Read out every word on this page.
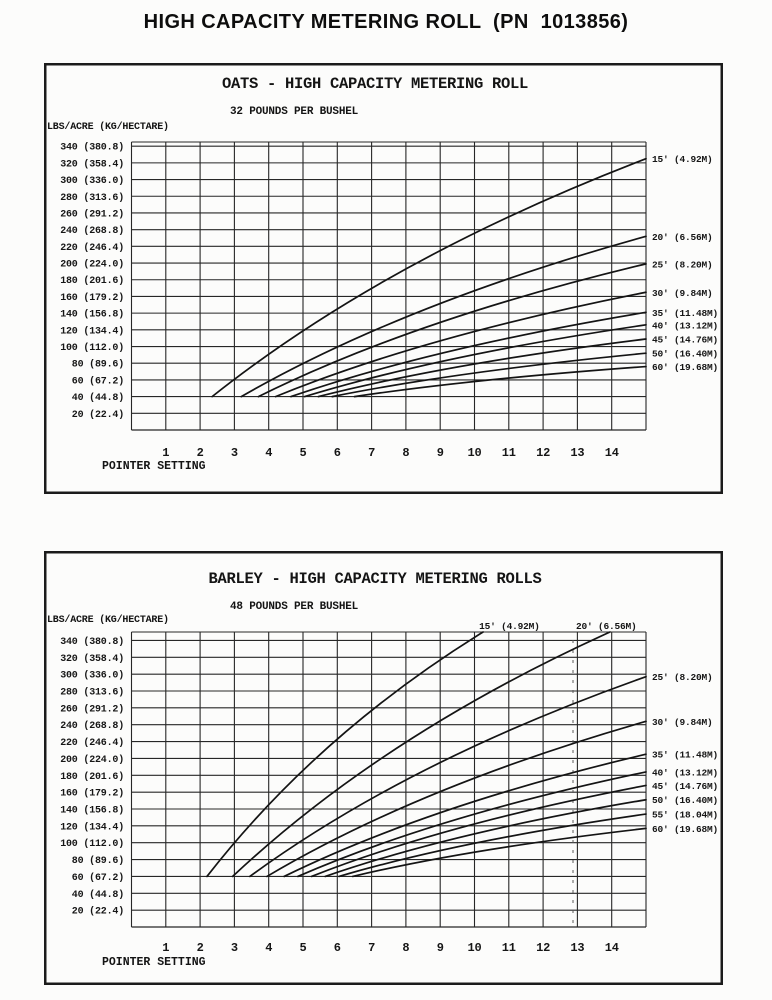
HIGH CAPACITY METERING ROLL  (PN  1013856)
340 (380.8)
320 (358.4)
300 (336.0)
280 (313.6)
260 (291.2)
240 (268.8)
220 (246.4)
200 (224.0)
180 (201.6)
160 (179.2)
140 (156.8)
120 (134.4)
100 (112.0)
80 (89.6)
60 (67.2)
40 (44.8)
20 (22.4)
1 2 3 4 5 6 7 8 9 10 11 12 13 14
15' (4.92M)
20' (6.56M)
25' (8.20M)
30' (9.84M)
35' (11.48M)
40' (13.12M)
45' (14.76M)
50' (16.40M)
60' (19.68M)
OATS - HIGH CAPACITY METERING ROLL
32 POUNDS PER BUSHEL
LBS/ACRE (KG/HECTARE)
POINTER SETTING
340 (380.8)
320 (358.4)
300 (336.0)
280 (313.6)
260 (291.2)
240 (268.8)
220 (246.4)
200 (224.0)
180 (201.6)
160 (179.2)
140 (156.8)
120 (134.4)
100 (112.0)
80 (89.6)
60 (67.2)
40 (44.8)
20 (22.4)
1 2 3 4 5 6 7 8 9 10 11 12 13 14
15' (4.92M)	20' (6.56M)
25' (8.20M)
30' (9.84M)
35' (11.48M)
40' (13.12M)
45' (14.76M)
50' (16.40M)
55' (18.04M)
60' (19.68M)
BARLEY - HIGH CAPACITY METERING ROLLS
48 POUNDS PER BUSHEL
LBS/ACRE (KG/HECTARE)
POINTER SETTING
